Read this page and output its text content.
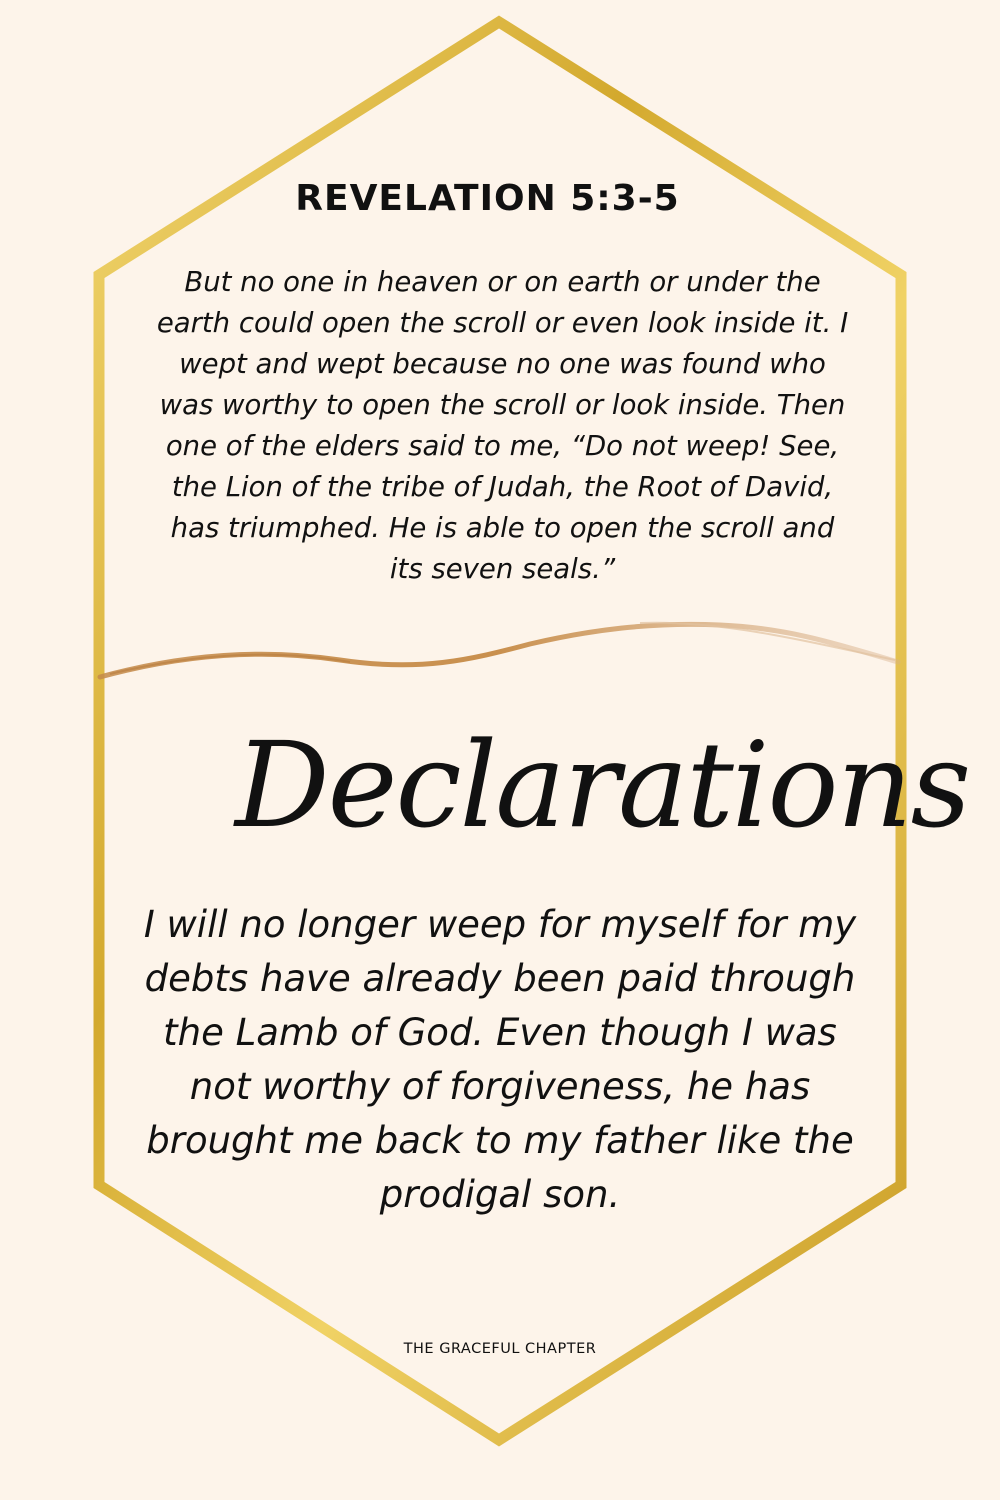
REVELATION 5:3-5
But no one in heaven or on earth or under the earth could open the scroll or even look inside it. I wept and wept because no one was found who was worthy to open the scroll or look inside. Then one of the elders said to me, “Do not weep! See, the Lion of the tribe of Judah, the Root of David, has triumphed. He is able to open the scroll and its seven seals.”
Declarations
I will no longer weep for myself for my debts have already been paid through the Lamb of God. Even though I was not worthy of forgiveness, he has brought me back to my father like the prodigal son.
THE GRACEFUL CHAPTER
